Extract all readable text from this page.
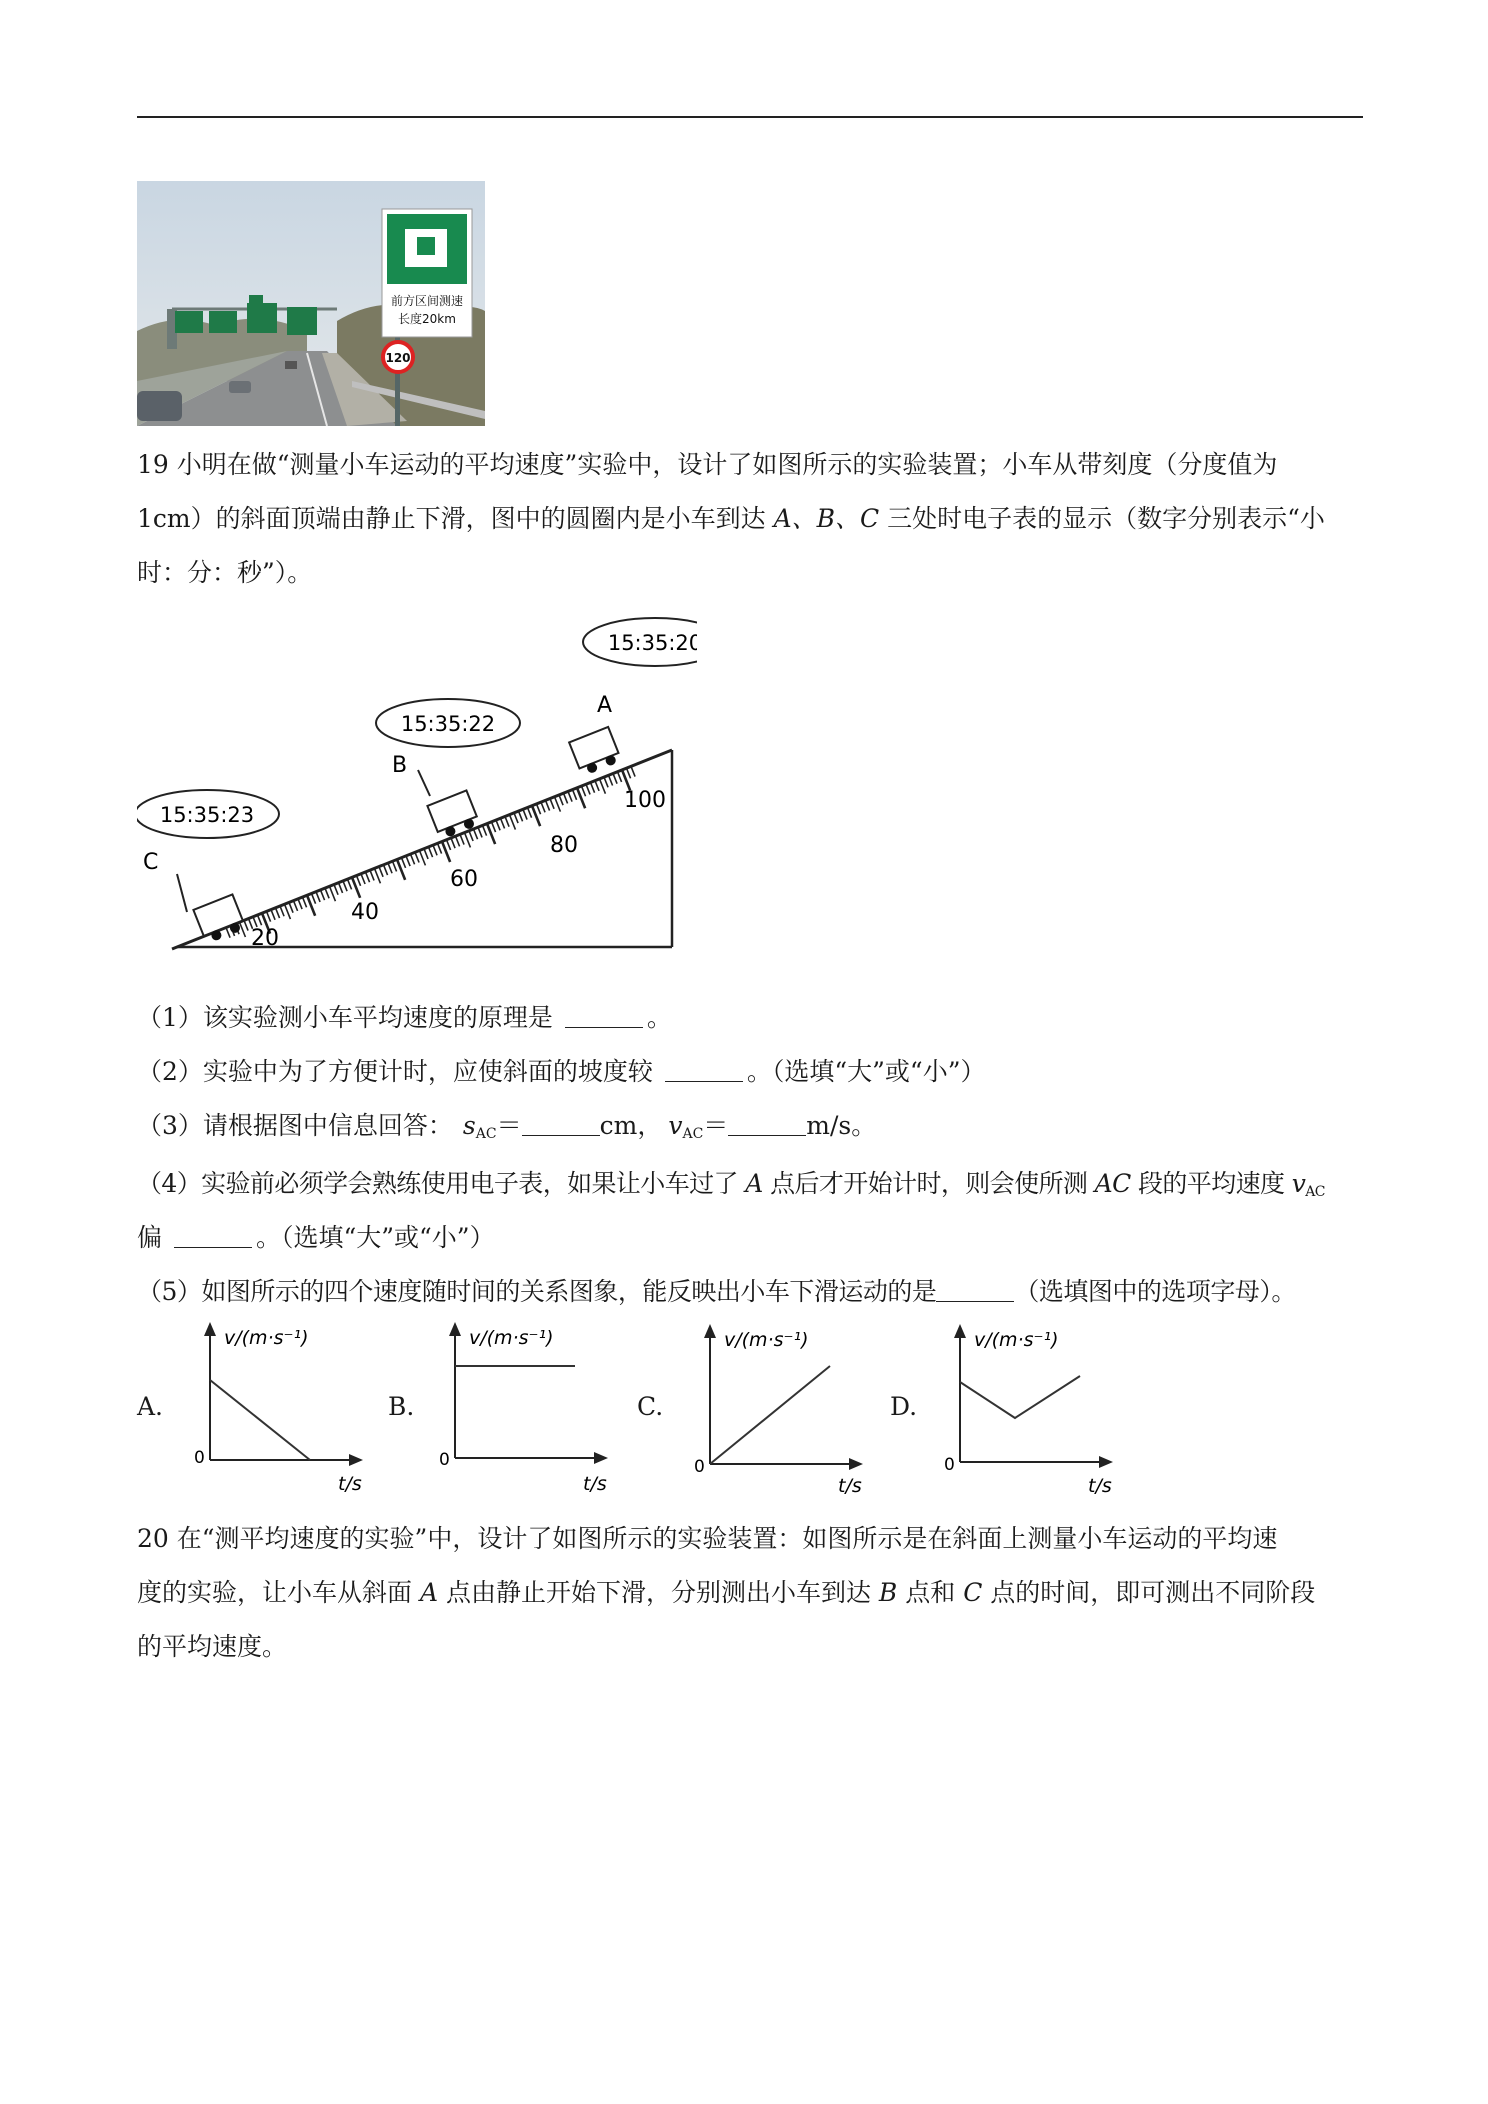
前方区间测速
长度20km
120

19 小明在做“测量小车运动的平均速度”实验中，设计了如图所示的实验装置；小车从带刻度（分度值为

1cm）的斜面顶端由静止下滑，图中的圆圈内是小车到达 A、B、C 三处时电子表的显示（数字分别表示“小

时：分：秒”）。

20
40
60
80
100
A
15:35:20
B
15:35:22
C
15:35:23

（1）该实验测小车平均速度的原理是	。

（2）实验中为了方便计时，应使斜面的坡度较	。（选填“大”或“小”）

（3）请根据图中信息回答： $s_{AC}=$	cm， $v_{AC}=$	m/s。

（4）实验前必须学会熟练使用电子表，如果让小车过了 A 点后才开始计时，则会使所测 AC 段的平均速度 $v_{AC}$

偏	。（选填“大”或“小”）

（5）如图所示的四个速度随时间的关系图象，能反映出小车下滑运动的是	（选填图中的选项字母）。

A.	B.	C.	D.
v/(m·s⁻¹)
0
t/s
v/(m·s⁻¹)
0
t/s
v/(m·s⁻¹)
0
t/s
v/(m·s⁻¹)
0
t/s

20 在“测平均速度的实验”中，设计了如图所示的实验装置：如图所示是在斜面上测量小车运动的平均速

度的实验，让小车从斜面 A 点由静止开始下滑，分别测出小车到达 B 点和 C 点的时间，即可测出不同阶段

的平均速度。
